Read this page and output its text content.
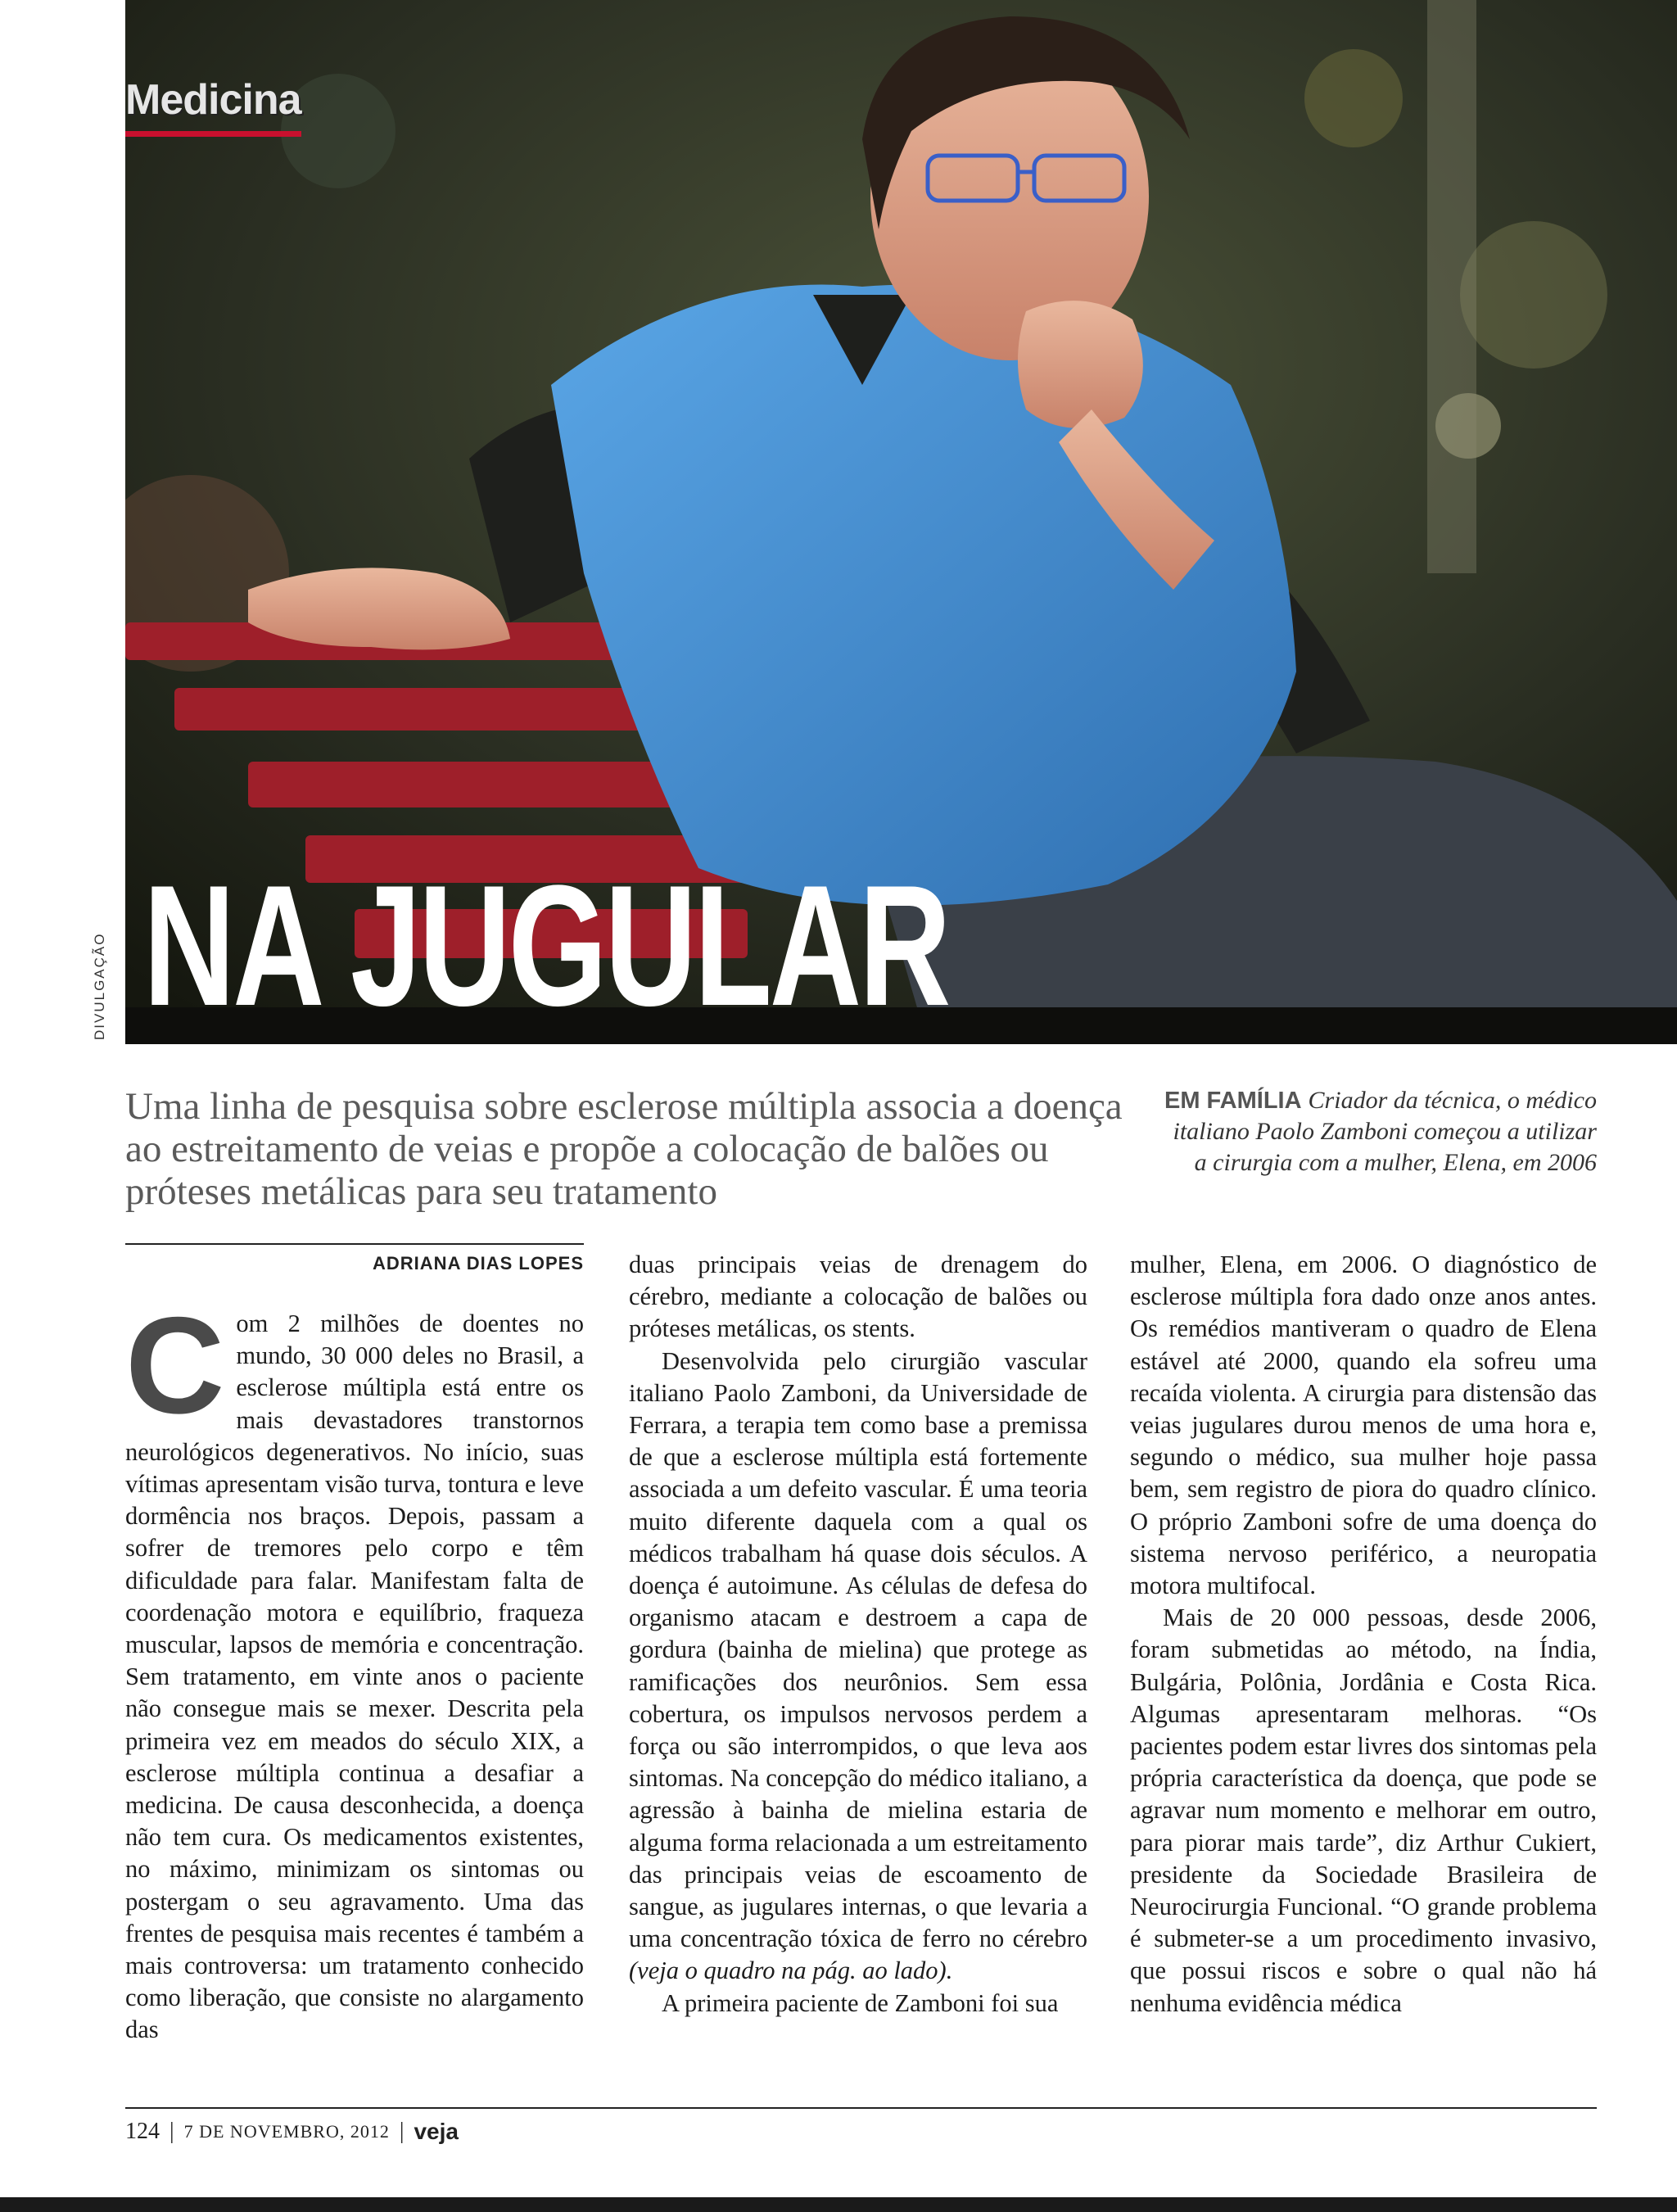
Medicina
NA JUGULAR
DIVULGAÇÃO
Uma linha de pesquisa sobre esclerose múltipla associa a doença ao estreitamento de veias e propõe a colocação de balões ou próteses metálicas para seu tratamento
EM FAMÍLIA Criador da técnica, o médico italiano Paolo Zamboni começou a utilizar a cirurgia com a mulher, Elena, em 2006
ADRIANA DIAS LOPES

Com 2 milhões de doentes no mundo, 30 000 deles no Brasil, a esclerose múltipla está entre os mais devastadores transtornos neurológicos degenerativos. No início, suas vítimas apresentam visão turva, tontura e leve dormência nos braços. Depois, passam a sofrer de tremores pelo corpo e têm dificuldade para falar. Manifestam falta de coordenação motora e equilíbrio, fraqueza muscular, lapsos de memória e concentração. Sem tratamento, em vinte anos o paciente não consegue mais se mexer. Descrita pela primeira vez em meados do século XIX, a esclerose múltipla continua a desafiar a medicina. De causa desconhecida, a doença não tem cura. Os medicamentos existentes, no máximo, minimizam os sintomas ou postergam o seu agravamento. Uma das frentes de pesquisa mais recentes é também a mais controversa: um tratamento conhecido como liberação, que consiste no alargamento das

duas principais veias de drenagem do cérebro, mediante a colocação de balões ou próteses metálicas, os stents.

Desenvolvida pelo cirurgião vascular italiano Paolo Zamboni, da Universidade de Ferrara, a terapia tem como base a premissa de que a esclerose múltipla está fortemente associada a um defeito vascular. É uma teoria muito diferente daquela com a qual os médicos trabalham há quase dois séculos. A doença é autoimune. As células de defesa do organismo atacam e destroem a capa de gordura (bainha de mielina) que protege as ramificações dos neurônios. Sem essa cobertura, os impulsos nervosos perdem a força ou são interrompidos, o que leva aos sintomas. Na concepção do médico italiano, a agressão à bainha de mielina estaria de alguma forma relacionada a um estreitamento das principais veias de escoamento de sangue, as jugulares internas, o que levaria a uma concentração tóxica de ferro no cérebro (veja o quadro na pág. ao lado).

A primeira paciente de Zamboni foi sua

mulher, Elena, em 2006. O diagnóstico de esclerose múltipla fora dado onze anos antes. Os remédios mantiveram o quadro de Elena estável até 2000, quando ela sofreu uma recaída violenta. A cirurgia para distensão das veias jugulares durou menos de uma hora e, segundo o médico, sua mulher hoje passa bem, sem registro de piora do quadro clínico. O próprio Zamboni sofre de uma doença do sistema nervoso periférico, a neuropatia motora multifocal.

Mais de 20 000 pessoas, desde 2006, foram submetidas ao método, na Índia, Bulgária, Polônia, Jordânia e Costa Rica. Algumas apresentaram melhoras. “Os pacientes podem estar livres dos sintomas pela própria característica da doença, que pode se agravar num momento e melhorar em outro, para piorar mais tarde”, diz Arthur Cukiert, presidente da Sociedade Brasileira de Neurocirurgia Funcional. “O grande problema é submeter-se a um procedimento invasivo, que possui riscos e sobre o qual não há nenhuma evidência médica

124 | 7 DE NOVEMBRO, 2012 | veja
